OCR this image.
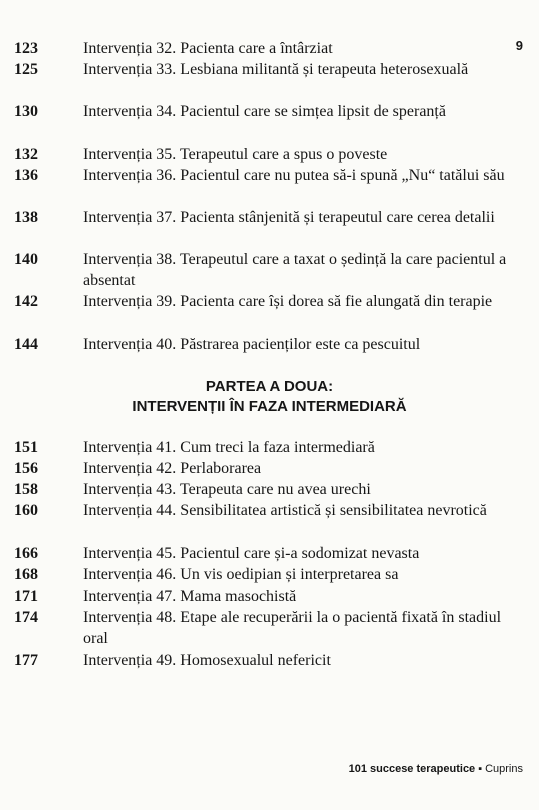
9
123	Intervenția 32. Pacienta care a întârziat
125	Intervenția 33. Lesbiana militantă și terapeuta heterosexuală
130	Intervenția 34. Pacientul care se simțea lipsit de speranță
132	Intervenția 35. Terapeutul care a spus o poveste
136	Intervenția 36. Pacientul care nu putea să-i spună „Nu“ tatălui său
138	Intervenția 37. Pacienta stânjenită și terapeutul care cerea detalii
140	Intervenția 38. Terapeutul care a taxat o ședință la care pacientul a absentat
142	Intervenția 39. Pacienta care își dorea să fie alungată din terapie
144	Intervenția 40. Păstrarea pacienților este ca pescuitul
PARTEA A DOUA:
INTERVENȚII ÎN FAZA INTERMEDIARĂ
151	Intervenția 41. Cum treci la faza intermediară
156	Intervenția 42. Perlaborarea
158	Intervenția 43. Terapeuta care nu avea urechi
160	Intervenția 44. Sensibilitatea artistică și sensibilitatea nevrotică
166	Intervenția 45. Pacientul care și-a sodomizat nevasta
168	Intervenția 46. Un vis oedipian și interpretarea sa
171	Intervenția 47. Mama masochistă
174	Intervenția 48. Etape ale recuperării la o pacientă fixată în stadiul oral
177	Intervenția 49. Homosexualul nefericit
101 succese terapeutice ▪ Cuprins
